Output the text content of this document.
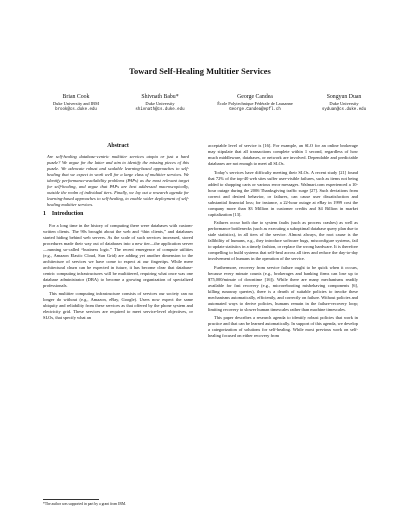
Toward Self-Healing Multitier Services
Brian Cook
Duke University and IBM
brook@cs.duke.edu
Shivnath Babu*
Duke University
shivnath@cs.duke.edu
George Candea
École Polytechnique Fédérale de Lausanne
George.Candea@epfl.ch
Songyun Duan
Duke University
syduan@cs.duke.edu
Abstract

Are self-healing database-centric multitier services utopia or just a hard puzzle? We argue for the latter and aim to identify the missing pieces of this puzzle. We advocate robust and scalable learning-based approaches to self-healing that we expect to work well for a large class of multitier services. We identify performance-availability problems (PAPs) as the most relevant target for self-healing, and argue that PAPs are best addressed macroscopically, outside the realm of individual tiers. Finally, we lay out a research agenda for learning-based approaches to self-healing, to enable wider deployment of self-healing multitier services.

1 Introduction

For a long time in the history of computing there were databases with custom-written clients. The 90s brought about the web and “thin clients,” and databases started hiding behind web servers. As the scale of such services increased, stored procedures made their way out of databases into a new tier—the application server—running so-called “business logic.” The recent emergence of compute utilities (e.g., Amazon Elastic Cloud, Sun Grid) are adding yet another dimension to the architecture of services we have come to expect at our fingertips. While mere architectural churn can be expected in future, it has become clear that database-centric computing infrastructures will be multitiered, requiring what once was one database administrator (DBA) to become a growing organization of specialized professionals.

This multitier computing infrastructure consists of services our society can no longer do without (e.g., Amazon, eBay, Google). Users now expect the same ubiquity and reliability from these services as that offered by the phone system and electricity grid. These services are required to meet service-level objectives, or SLOs, that specify what an

acceptable level of service is [16]. For example, an SLO for an online brokerage may stipulate that all transactions complete within 1 second, regardless of how much middleware, databases, or network are involved. Dependable and predictable databases are not enough to meet all SLOs.

Today’s services have difficulty meeting their SLOs. A recent study [21] found that 72% of the top-40 web sites suffer user-visible failures, such as items not being added to shopping carts or various error messages. Walmart.com experienced a 10-hour outage during the 2006 Thanksgiving traffic surge [27]. Such deviations from correct and desired behavior, or failures, can cause user dissatisfaction and substantial financial loss; for instance, a 22-hour outage at eBay in 1999 cost the company more than $3 Million in customer credits and $4 Billion in market capitalization [13].

Failures occur both due to system faults (such as process crashes) as well as performance bottlenecks (such as executing a suboptimal database query plan due to stale statistics), in all tiers of the service. Almost always, the root cause is the fallibility of humans, e.g., they introduce software bugs, misconfigure systems, fail to update statistics in a timely fashion, or replace the wrong hardware. It is therefore compelling to build systems that self-heal across all tiers and reduce the day-to-day involvement of humans in the operation of the service.

Furthermore, recovery from service failure ought to be quick when it occurs, because every minute counts (e.g., brokerages and banking firms can lose up to $75,000/minute of downtime [16]). While there are many mechanisms readily available for fast recovery (e.g., microrebooting misbehaving components [6], killing runaway queries), there is a dearth of suitable policies to invoke these mechanisms automatically, efficiently, and correctly on failure. Without policies and automated ways to derive policies, humans remain in the failure-recovery loop; limiting recovery to slower human timescales rather than machine timescales.

This paper describes a research agenda to identify robust policies that work in practice and that can be learned automatically. In support of this agenda, we develop a categorization of solutions for self-healing. While most previous work on self-healing focused on either recovery from

*The author was supported in part by a grant from IBM.
